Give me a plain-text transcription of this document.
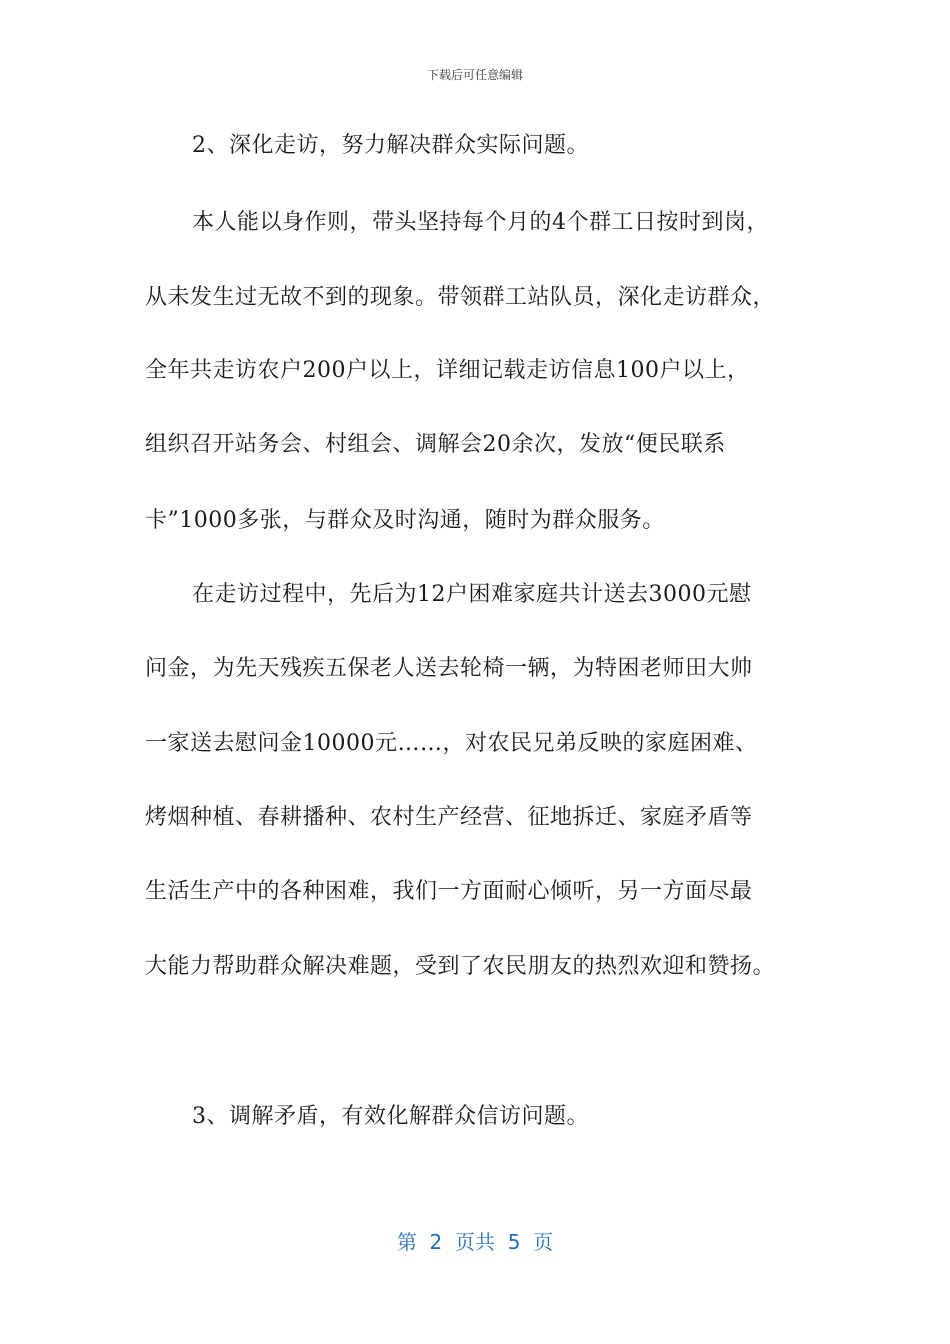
下载后可任意编辑
2、深化走访，努力解决群众实际问题。
本人能以身作则，带头坚持每个月的4个群工日按时到岗，
从未发生过无故不到的现象。带领群工站队员，深化走访群众，
全年共走访农户200户以上，详细记载走访信息100户以上，
组织召开站务会、村组会、调解会20余次，发放“便民联系
卡”1000多张，与群众及时沟通，随时为群众服务。
在走访过程中，先后为12户困难家庭共计送去3000元慰
问金，为先天残疾五保老人送去轮椅一辆，为特困老师田大帅
一家送去慰问金10000元……，对农民兄弟反映的家庭困难、
烤烟种植、春耕播种、农村生产经营、征地拆迁、家庭矛盾等
生活生产中的各种困难，我们一方面耐心倾听，另一方面尽最
大能力帮助群众解决难题，受到了农民朋友的热烈欢迎和赞扬。
3、调解矛盾，有效化解群众信访问题。
第  2  页共  5  页
